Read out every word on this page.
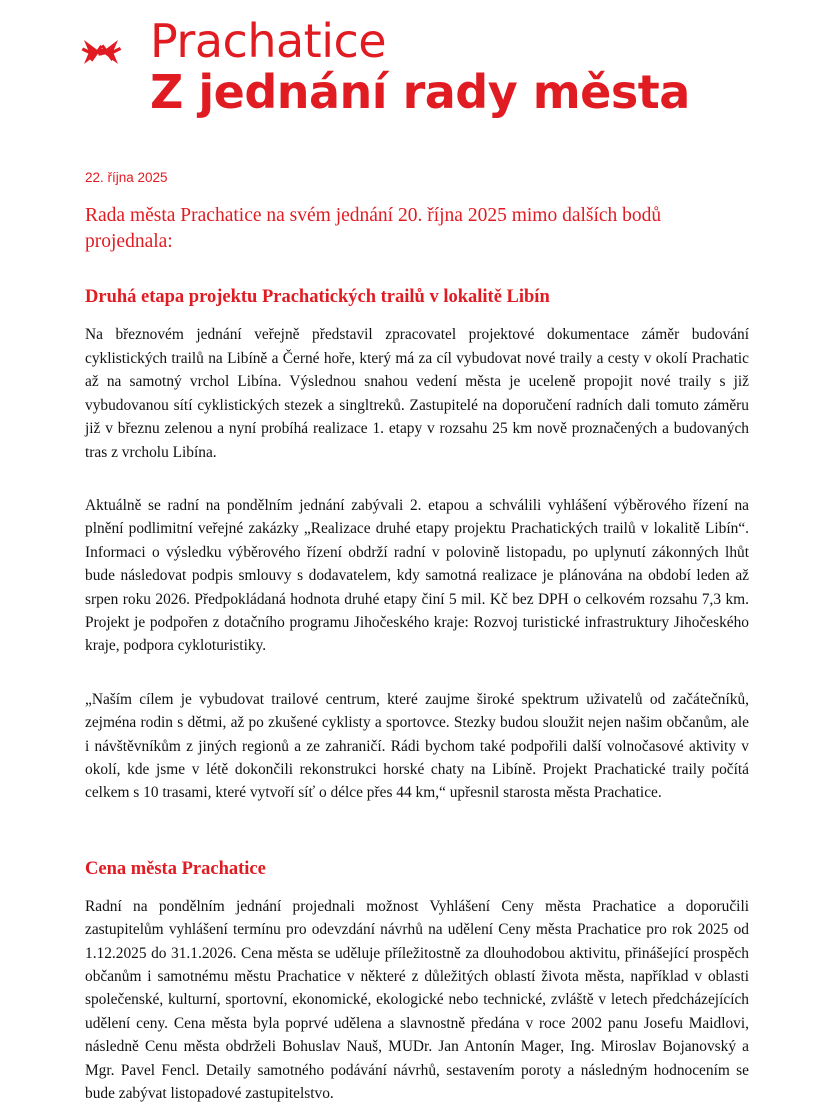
Prachatice
Z jednání rady města
22. října 2025
Rada města Prachatice na svém jednání 20. října 2025 mimo dalších bodů projednala:
Druhá etapa projektu Prachatických trailů v lokalitě Libín

Na březnovém jednání veřejně představil zpracovatel projektové dokumentace záměr budování cyklistických trailů na Libíně a Černé hoře, který má za cíl vybudovat nové traily a cesty v okolí Prachatic až na samotný vrchol Libína. Výslednou snahou vedení města je uceleně propojit nové traily s již vybudovanou sítí cyklistických stezek a singltreků. Zastupitelé na doporučení radních dali tomuto záměru již v březnu zelenou a nyní probíhá realizace 1. etapy v rozsahu 25 km nově proznačených a budovaných tras z vrcholu Libína.

Aktuálně se radní na pondělním jednání zabývali 2. etapou a schválili vyhlášení výběrového řízení na plnění podlimitní veřejné zakázky „Realizace druhé etapy projektu Prachatických trailů v lokalitě Libín“. Informaci o výsledku výběrového řízení obdrží radní v polovině listopadu, po uplynutí zákonných lhůt bude následovat podpis smlouvy s dodavatelem, kdy samotná realizace je plánována na období leden až srpen roku 2026. Předpokládaná hodnota druhé etapy činí 5 mil. Kč bez DPH o celkovém rozsahu 7,3 km. Projekt je podpořen z dotačního programu Jihočeského kraje: Rozvoj turistické infrastruktury Jihočeského kraje, podpora cykloturistiky.

„Naším cílem je vybudovat trailové centrum, které zaujme široké spektrum uživatelů od začátečníků, zejména rodin s dětmi, až po zkušené cyklisty a sportovce. Stezky budou sloužit nejen našim občanům, ale i návštěvníkům z jiných regionů a ze zahraničí. Rádi bychom také podpořili další volnočasové aktivity v okolí, kde jsme v létě dokončili rekonstrukci horské chaty na Libíně. Projekt Prachatické traily počítá celkem s 10 trasami, které vytvoří síť o délce přes 44 km,“ upřesnil starosta města Prachatice.

Cena města Prachatice

Radní na pondělním jednání projednali možnost Vyhlášení Ceny města Prachatice a doporučili zastupitelům vyhlášení termínu pro odevzdání návrhů na udělení Ceny města Prachatice pro rok 2025 od 1.12.2025 do 31.1.2026. Cena města se uděluje příležitostně za dlouhodobou aktivitu, přinášející prospěch občanům i samotnému městu Prachatice v některé z důležitých oblastí života města, například v oblasti společenské, kulturní, sportovní, ekonomické, ekologické nebo technické, zvláště v letech předcházejících udělení ceny. Cena města byla poprvé udělena a slavnostně předána v roce 2002 panu Josefu Maidlovi, následně Cenu města obdrželi Bohuslav Nauš, MUDr. Jan Antonín Mager, Ing. Miroslav Bojanovský a Mgr. Pavel Fencl. Detaily samotného podávání návrhů, sestavením poroty a následným hodnocením se bude zabývat listopadové zastupitelstvo.
